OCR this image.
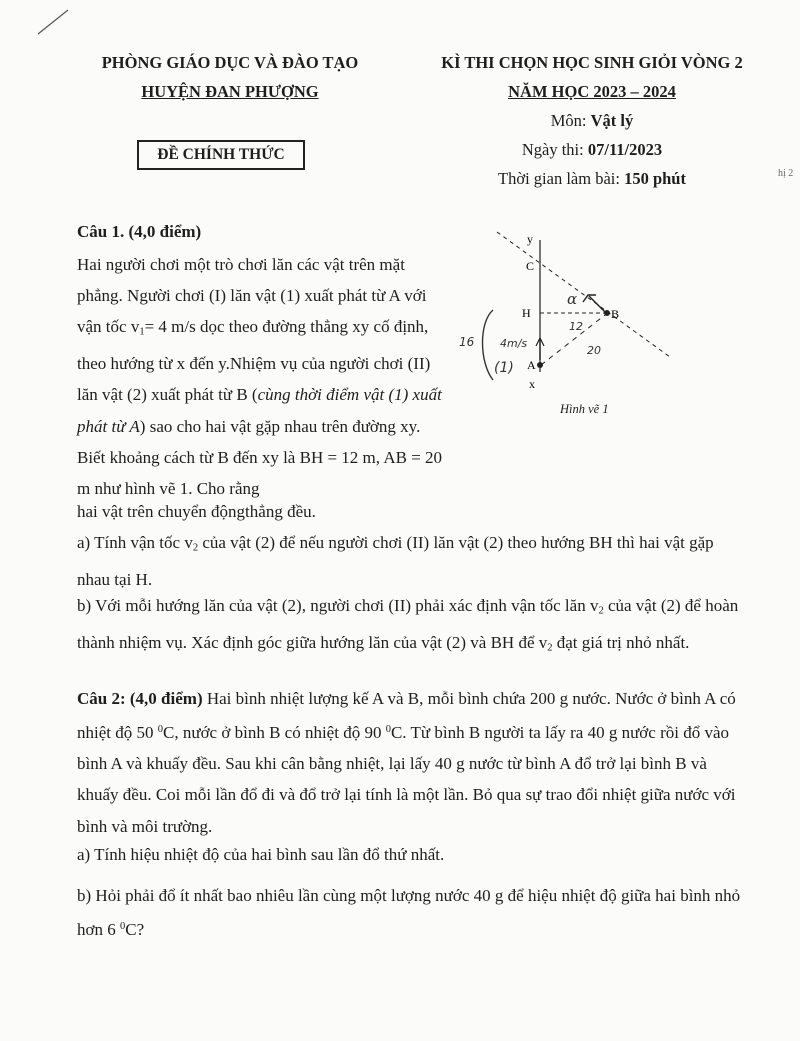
PHÒNG GIÁO DỤC VÀ ĐÀO TẠO
HUYỆN ĐAN PHƯỢNG
KÌ THI CHỌN HỌC SINH GIỎI VÒNG 2
NĂM HỌC 2023 – 2024
Môn: Vật lý
Ngày thi: 07/11/2023
Thời gian làm bài: 150 phút
ĐỀ CHÍNH THỨC
hị 2
Câu 1. (4,0 điểm)
Hai người chơi một trò chơi lăn các vật trên mặt phẳng. Người chơi (I) lăn vật (1) xuất phát từ A với vận tốc $v_1= 4$ m/s dọc theo đường thẳng xy cố định, theo hướng từ x đến y.Nhiệm vụ của người chơi (II) lăn vật (2) xuất phát từ B (cùng thời điểm vật (1) xuất phát từ A) sao cho hai vật gặp nhau trên đường xy. Biết khoảng cách từ B đến xy là BH = 12 m, AB = 20 m như hình vẽ 1. Cho rằng
hai vật trên chuyển độngthẳng đều.
a) Tính vận tốc $v_2$ của vật (2) để nếu người chơi (II) lăn vật (2) theo hướng BH thì hai vật gặp nhau tại H.
b) Với mỗi hướng lăn của vật (2), người chơi (II) phải xác định vận tốc lăn $v_2$ của vật (2) để hoàn thành nhiệm vụ. Xác định góc giữa hướng lăn của vật (2) và BH để $v_2$ đạt giá trị nhỏ nhất.
y
C
H	B
A
x
α
12
20
16 4m/s
(1)
Hình vẽ 1
Câu 2: (4,0 điểm) Hai bình nhiệt lượng kế A và B, mỗi bình chứa 200 g nước. Nước ở bình A có nhiệt độ 50 $^0$C, nước ở bình B có nhiệt độ 90 $^0$C. Từ bình B người ta lấy ra 40 g nước rồi đổ vào bình A và khuấy đều. Sau khi cân bằng nhiệt, lại lấy 40 g nước từ bình A đổ trở lại bình B và khuấy đều. Coi mỗi lần đổ đi và đổ trở lại tính là một lần. Bỏ qua sự trao đổi nhiệt giữa nước với bình và môi trường.
a) Tính hiệu nhiệt độ của hai bình sau lần đổ thứ nhất.
b) Hỏi phải đổ ít nhất bao nhiêu lần cùng một lượng nước 40 g để hiệu nhiệt độ giữa hai bình nhỏ hơn 6 $^0$C?
